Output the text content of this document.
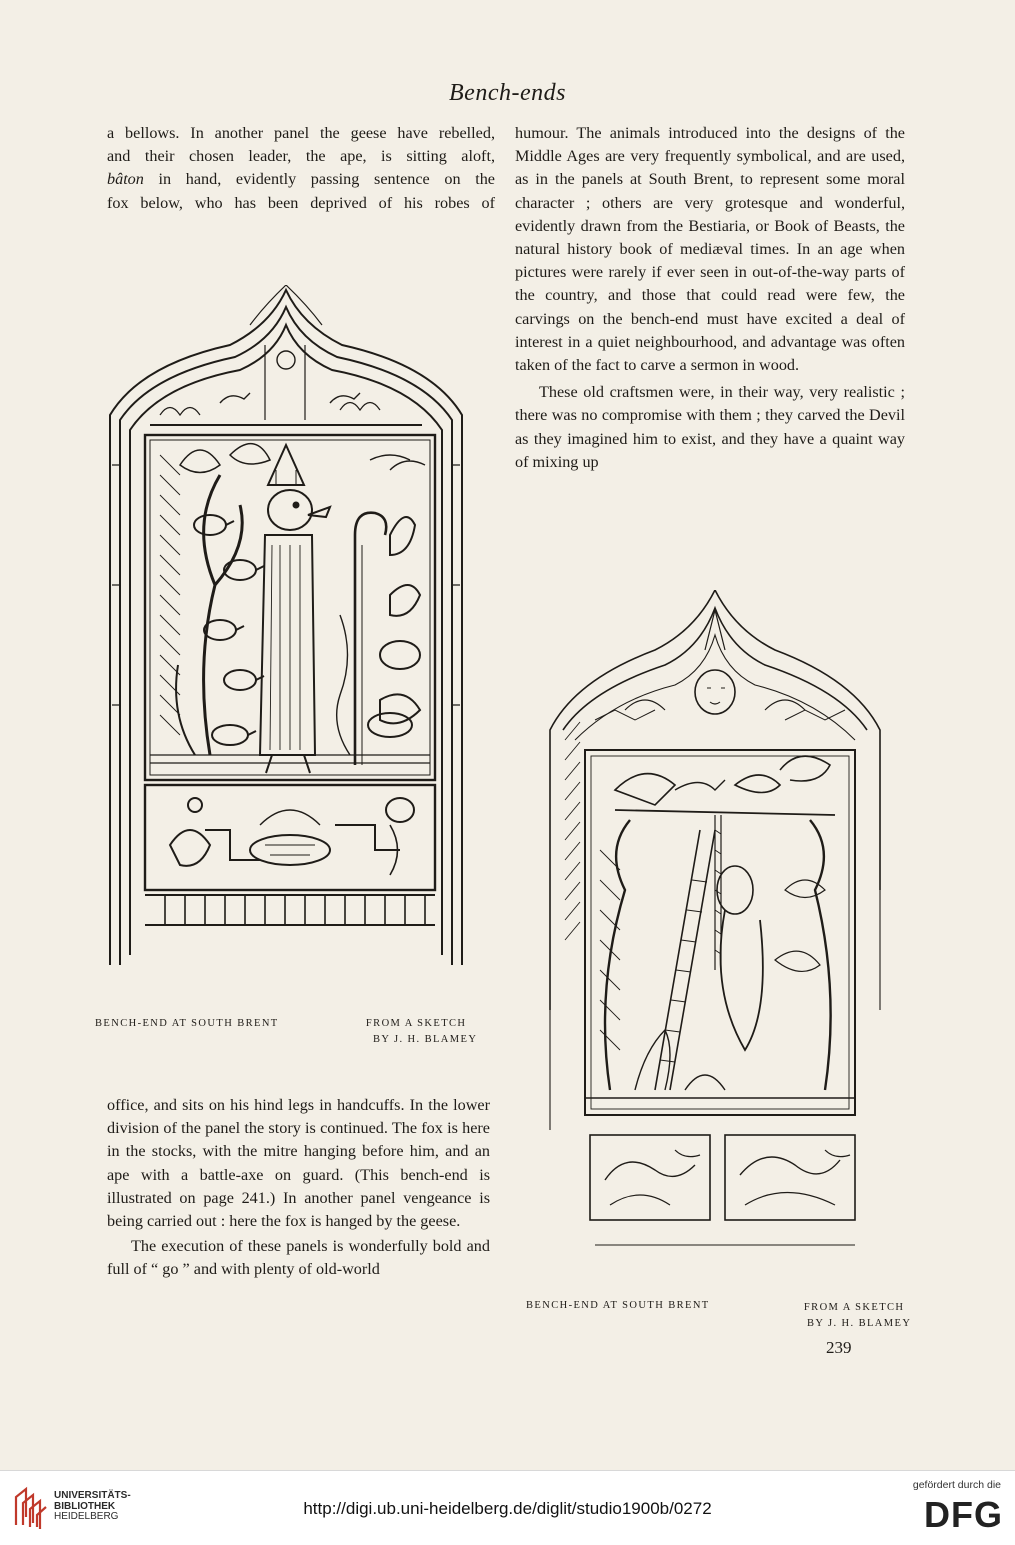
Bench-ends

a bellows. In another panel the geese have rebelled,

and their chosen leader, the ape, is sitting aloft,

bâton in hand, evidently passing sentence on the

fox below, who has been deprived of his robes of

humour. The animals introduced into the designs of the Middle Ages are very frequently symbolical, and are used, as in the panels at South Brent, to represent some moral character ; others are very grotesque and wonderful, evidently drawn from the Bestiaria, or Book of Beasts, the natural history book of mediæval times. In an age when pictures were rarely if ever seen in out-of-the-way parts of the country, and those that could read were few, the carvings on the bench-end must have excited a deal of interest in a quiet neighbourhood, and advantage was often taken of the fact to carve a sermon in wood.

These old craftsmen were, in their way, very realistic ; there was no compromise with them ; they carved the Devil as they imagined him to exist, and they have a quaint way of mixing up

BENCH-END AT SOUTH BRENT	FROM A SKETCH
BY J. H. BLAMEY

office, and sits on his hind legs in handcuffs. In the lower division of the panel the story is continued. The fox is here in the stocks, with the mitre hanging before him, and an ape with a battle-axe on guard. (This bench-end is illustrated on page 241.) In another panel vengeance is being carried out : here the fox is hanged by the geese.

The execution of these panels is wonderfully bold and full of “ go ” and with plenty of old-world

BENCH-END AT SOUTH BRENT	FROM A SKETCH
BY J. H. BLAMEY
239
UNIVERSITÄTS-
BIBLIOTHEK
HEIDELBERG	http://digi.ub.uni-heidelberg.de/diglit/studio1900b/0272
gefördert durch die
DFG
